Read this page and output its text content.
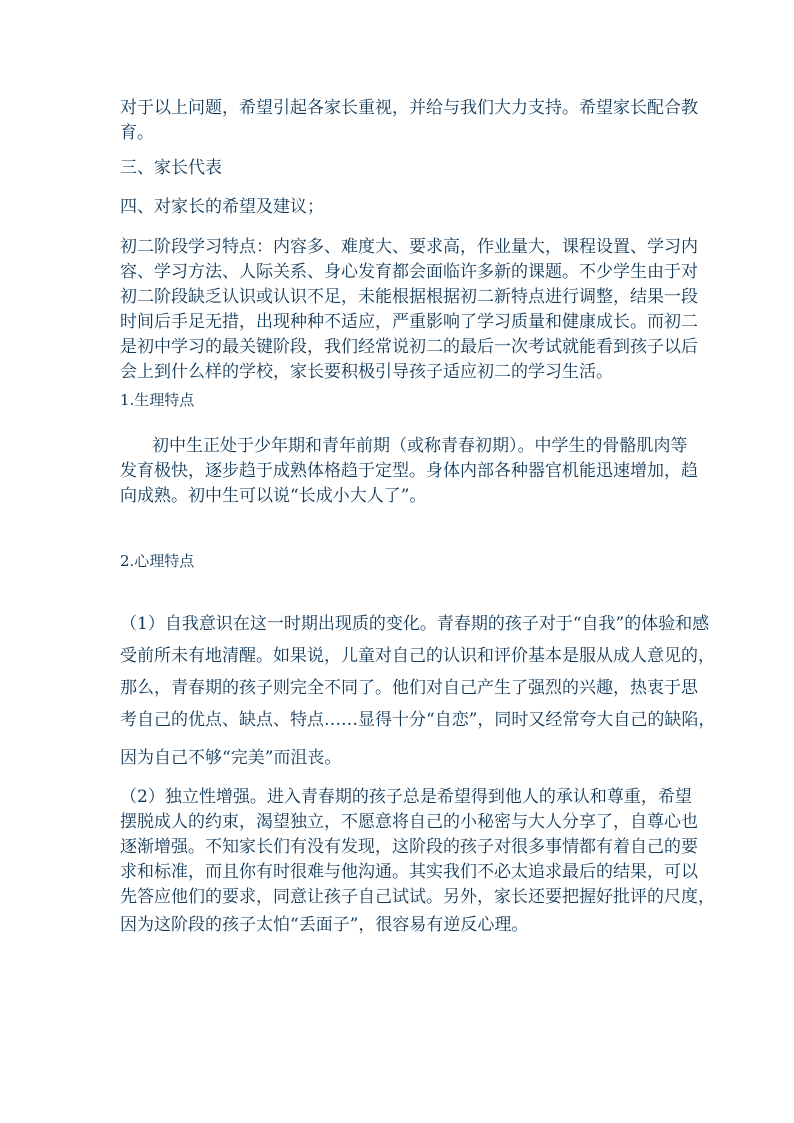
对于以上问题，希望引起各家长重视，并给与我们大力支持。希望家长配合教
育。
三、家长代表
四、对家长的希望及建议；
初二阶段学习特点：内容多、难度大、要求高，作业量大，课程设置、学习内
容、学习方法、人际关系、身心发育都会面临许多新的课题。不少学生由于对
初二阶段缺乏认识或认识不足，未能根据根据初二新特点进行调整，结果一段
时间后手足无措，出现种种不适应，严重影响了学习质量和健康成长。而初二
是初中学习的最关键阶段，我们经常说初二的最后一次考试就能看到孩子以后
会上到什么样的学校，家长要积极引导孩子适应初二的学习生活。
1.生理特点
初中生正处于少年期和青年前期（或称青春初期）。中学生的骨骼肌肉等
发育极快，逐步趋于成熟体格趋于定型。身体内部各种器官机能迅速增加，趋
向成熟。初中生可以说“长成小大人了”。
2.心理特点
（1）自我意识在这一时期出现质的变化。青春期的孩子对于“自我”的体验和感
受前所未有地清醒。如果说，儿童对自己的认识和评价基本是服从成人意见的，
那么，青春期的孩子则完全不同了。他们对自己产生了强烈的兴趣，热衷于思
考自己的优点、缺点、特点……显得十分“自恋”，同时又经常夸大自己的缺陷，
因为自己不够“完美”而沮丧。
（2）独立性增强。进入青春期的孩子总是希望得到他人的承认和尊重，希望
摆脱成人的约束，渴望独立，不愿意将自己的小秘密与大人分享了，自尊心也
逐渐增强。不知家长们有没有发现，这阶段的孩子对很多事情都有着自己的要
求和标准，而且你有时很难与他沟通。其实我们不必太追求最后的结果，可以
先答应他们的要求，同意让孩子自己试试。另外，家长还要把握好批评的尺度，
因为这阶段的孩子太怕“丢面子”，很容易有逆反心理。
